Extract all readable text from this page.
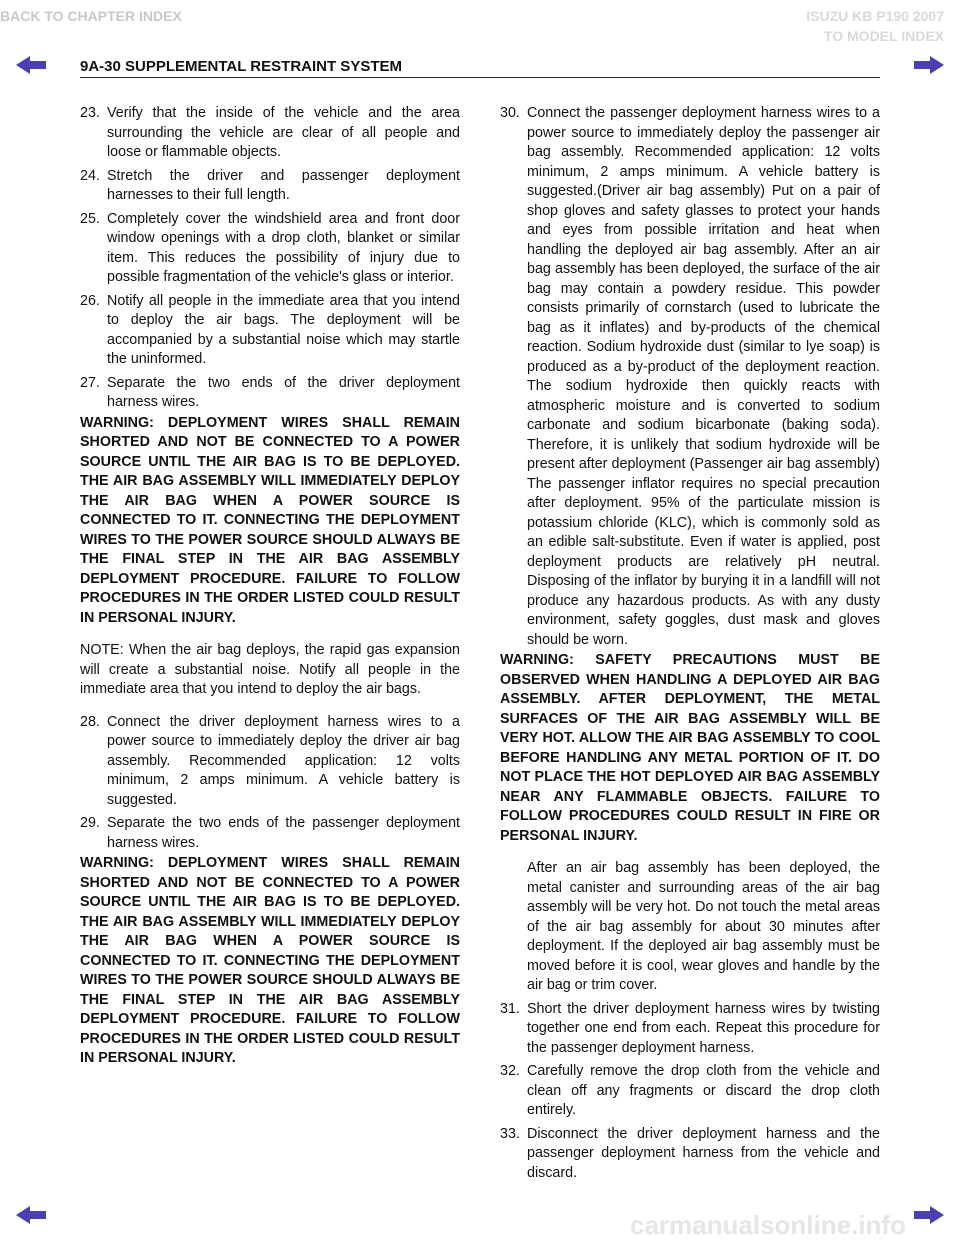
BACK TO CHAPTER INDEX	ISUZU KB P190 2007

TO MODEL INDEX

9A-30 SUPPLEMENTAL RESTRAINT SYSTEM
23. Verify that the inside of the vehicle and the area surrounding the vehicle are clear of all people and loose or flammable objects.
24. Stretch the driver and passenger deployment harnesses to their full length.
25. Completely cover the windshield area and front door window openings with a drop cloth, blanket or similar item. This reduces the possibility of injury due to possible fragmentation of the vehicle's glass or interior.
26. Notify all people in the immediate area that you intend to deploy the air bags. The deployment will be accompanied by a substantial noise which may startle the uninformed.
27. Separate the two ends of the driver deployment harness wires.
WARNING: DEPLOYMENT WIRES SHALL REMAIN SHORTED AND NOT BE CONNECTED TO A POWER SOURCE UNTIL THE AIR BAG IS TO BE DEPLOYED. THE AIR BAG ASSEMBLY WILL IMMEDIATELY DEPLOY THE AIR BAG WHEN A POWER SOURCE IS CONNECTED TO IT. CONNECTING THE DEPLOYMENT WIRES TO THE POWER SOURCE SHOULD ALWAYS BE THE FINAL STEP IN THE AIR BAG ASSEMBLY DEPLOYMENT PROCEDURE. FAILURE TO FOLLOW PROCEDURES IN THE ORDER LISTED COULD RESULT IN PERSONAL INJURY.
NOTE: When the air bag deploys, the rapid gas expansion will create a substantial noise. Notify all people in the immediate area that you intend to deploy the air bags.
28. Connect the driver deployment harness wires to a power source to immediately deploy the driver air bag assembly. Recommended application: 12 volts minimum, 2 amps minimum. A vehicle battery is suggested.
29. Separate the two ends of the passenger deployment harness wires.
WARNING: DEPLOYMENT WIRES SHALL REMAIN SHORTED AND NOT BE CONNECTED TO A POWER SOURCE UNTIL THE AIR BAG IS TO BE DEPLOYED. THE AIR BAG ASSEMBLY WILL IMMEDIATELY DEPLOY THE AIR BAG WHEN A POWER SOURCE IS CONNECTED TO IT. CONNECTING THE DEPLOYMENT WIRES TO THE POWER SOURCE SHOULD ALWAYS BE THE FINAL STEP IN THE AIR BAG ASSEMBLY DEPLOYMENT PROCEDURE. FAILURE TO FOLLOW PROCEDURES IN THE ORDER LISTED COULD RESULT IN PERSONAL INJURY.
30. Connect the passenger deployment harness wires to a power source to immediately deploy the passenger air bag assembly. Recommended application: 12 volts minimum, 2 amps minimum. A vehicle battery is suggested.(Driver air bag assembly) Put on a pair of shop gloves and safety glasses to protect your hands and eyes from possible irritation and heat when handling the deployed air bag assembly. After an air bag assembly has been deployed, the surface of the air bag may contain a powdery residue. This powder consists primarily of cornstarch (used to lubricate the bag as it inflates) and by-products of the chemical reaction. Sodium hydroxide dust (similar to lye soap) is produced as a by-product of the deployment reaction. The sodium hydroxide then quickly reacts with atmospheric moisture and is converted to sodium carbonate and sodium bicarbonate (baking soda). Therefore, it is unlikely that sodium hydroxide will be present after deployment (Passenger air bag assembly) The passenger inflator requires no special precaution after deployment. 95% of the particulate mission is potassium chloride (KLC), which is commonly sold as an edible salt-substitute. Even if water is applied, post deployment products are relatively pH neutral. Disposing of the inflator by burying it in a landfill will not produce any hazardous products. As with any dusty environment, safety goggles, dust mask and gloves should be worn.
WARNING: SAFETY PRECAUTIONS MUST BE OBSERVED WHEN HANDLING A DEPLOYED AIR BAG ASSEMBLY. AFTER DEPLOYMENT, THE METAL SURFACES OF THE AIR BAG ASSEMBLY WILL BE VERY HOT. ALLOW THE AIR BAG ASSEMBLY TO COOL BEFORE HANDLING ANY METAL PORTION OF IT. DO NOT PLACE THE HOT DEPLOYED AIR BAG ASSEMBLY NEAR ANY FLAMMABLE OBJECTS. FAILURE TO FOLLOW PROCEDURES COULD RESULT IN FIRE OR PERSONAL INJURY.
After an air bag assembly has been deployed, the metal canister and surrounding areas of the air bag assembly will be very hot. Do not touch the metal areas of the air bag assembly for about 30 minutes after deployment. If the deployed air bag assembly must be moved before it is cool, wear gloves and handle by the air bag or trim cover.
31. Short the driver deployment harness wires by twisting together one end from each. Repeat this procedure for the passenger deployment harness.
32. Carefully remove the drop cloth from the vehicle and clean off any fragments or discard the drop cloth entirely.
33. Disconnect the driver deployment harness and the passenger deployment harness from the vehicle and discard.
carmanualsonline.info
